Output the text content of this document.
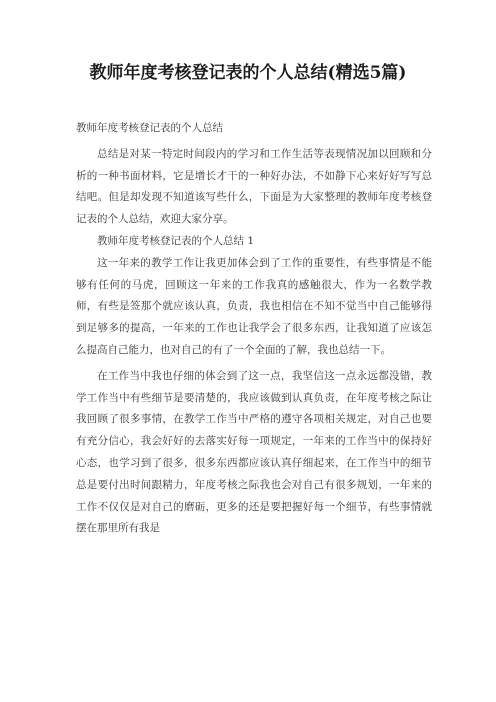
教师年度考核登记表的个人总结(精选5篇)

教师年度考核登记表的个人总结

总结是对某一特定时间段内的学习和工作生活等表现情况加以回顾和分析的一种书面材料，它是增长才干的一种好办法，不如静下心来好好写写总结吧。但是却发现不知道该写些什么，下面是为大家整理的教师年度考核登记表的个人总结，欢迎大家分享。

教师年度考核登记表的个人总结 1

这一年来的教学工作让我更加体会到了工作的重要性，有些事情是不能够有任何的马虎，回顾这一年来的工作我真的感触很大，作为一名数学教师，有些是签那个就应该认真，负责，我也相信在不知不觉当中自己能够得到足够多的提高，一年来的工作也让我学会了很多东西，让我知道了应该怎么提高自己能力，也对自己的有了一个全面的了解，我也总结一下。

在工作当中我也仔细的体会到了这一点，我坚信这一点永远都没错，教学工作当中有些细节是要清楚的，我应该做到认真负责，在年度考核之际让我回顾了很多事情，在教学工作当中严格的遵守各项相关规定，对自己也要有充分信心，我会好好的去落实好每一项规定，一年来的工作当中的保持好心态，也学习到了很多，很多东西都应该认真仔细起来，在工作当中的细节总是要付出时间跟精力，年度考核之际我也会对自己有很多规划，一年来的工作不仅仅是对自己的磨砺，更多的还是要把握好每一个细节，有些事情就摆在那里所有我是
